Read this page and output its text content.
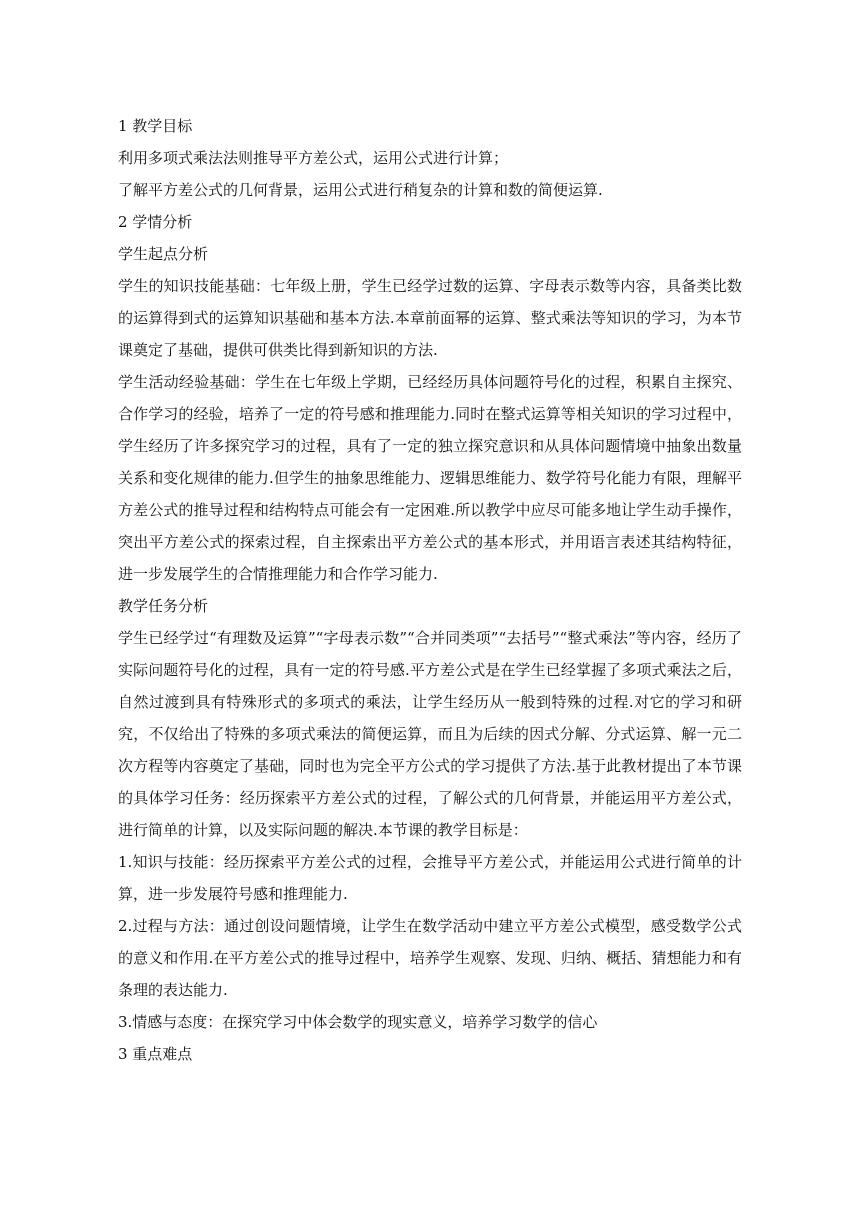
1 教学目标
利用多项式乘法法则推导平方差公式，运用公式进行计算；
了解平方差公式的几何背景，运用公式进行稍复杂的计算和数的简便运算.
2 学情分析
学生起点分析
学生的知识技能基础：七年级上册，学生已经学过数的运算、字母表示数等内容，具备类比数的运算得到式的运算知识基础和基本方法.本章前面幂的运算、整式乘法等知识的学习，为本节课奠定了基础，提供可供类比得到新知识的方法.
学生活动经验基础：学生在七年级上学期，已经经历具体问题符号化的过程，积累自主探究、合作学习的经验，培养了一定的符号感和推理能力.同时在整式运算等相关知识的学习过程中，学生经历了许多探究学习的过程，具有了一定的独立探究意识和从具体问题情境中抽象出数量关系和变化规律的能力.但学生的抽象思维能力、逻辑思维能力、数学符号化能力有限，理解平方差公式的推导过程和结构特点可能会有一定困难.所以教学中应尽可能多地让学生动手操作，突出平方差公式的探索过程，自主探索出平方差公式的基本形式，并用语言表述其结构特征，进一步发展学生的合情推理能力和合作学习能力.
教学任务分析
学生已经学过“有理数及运算”“字母表示数”“合并同类项”“去括号”“整式乘法”等内容，经历了实际问题符号化的过程，具有一定的符号感.平方差公式是在学生已经掌握了多项式乘法之后，自然过渡到具有特殊形式的多项式的乘法，让学生经历从一般到特殊的过程.对它的学习和研究，不仅给出了特殊的多项式乘法的简便运算，而且为后续的因式分解、分式运算、解一元二次方程等内容奠定了基础，同时也为完全平方公式的学习提供了方法.基于此教材提出了本节课的具体学习任务：经历探索平方差公式的过程，了解公式的几何背景，并能运用平方差公式，进行简单的计算，以及实际问题的解决.本节课的教学目标是：
1.知识与技能：经历探索平方差公式的过程，会推导平方差公式，并能运用公式进行简单的计算，进一步发展符号感和推理能力.
2.过程与方法：通过创设问题情境，让学生在数学活动中建立平方差公式模型，感受数学公式的意义和作用.在平方差公式的推导过程中，培养学生观察、发现、归纳、概括、猜想能力和有条理的表达能力.
3.情感与态度：在探究学习中体会数学的现实意义，培养学习数学的信心
3 重点难点
